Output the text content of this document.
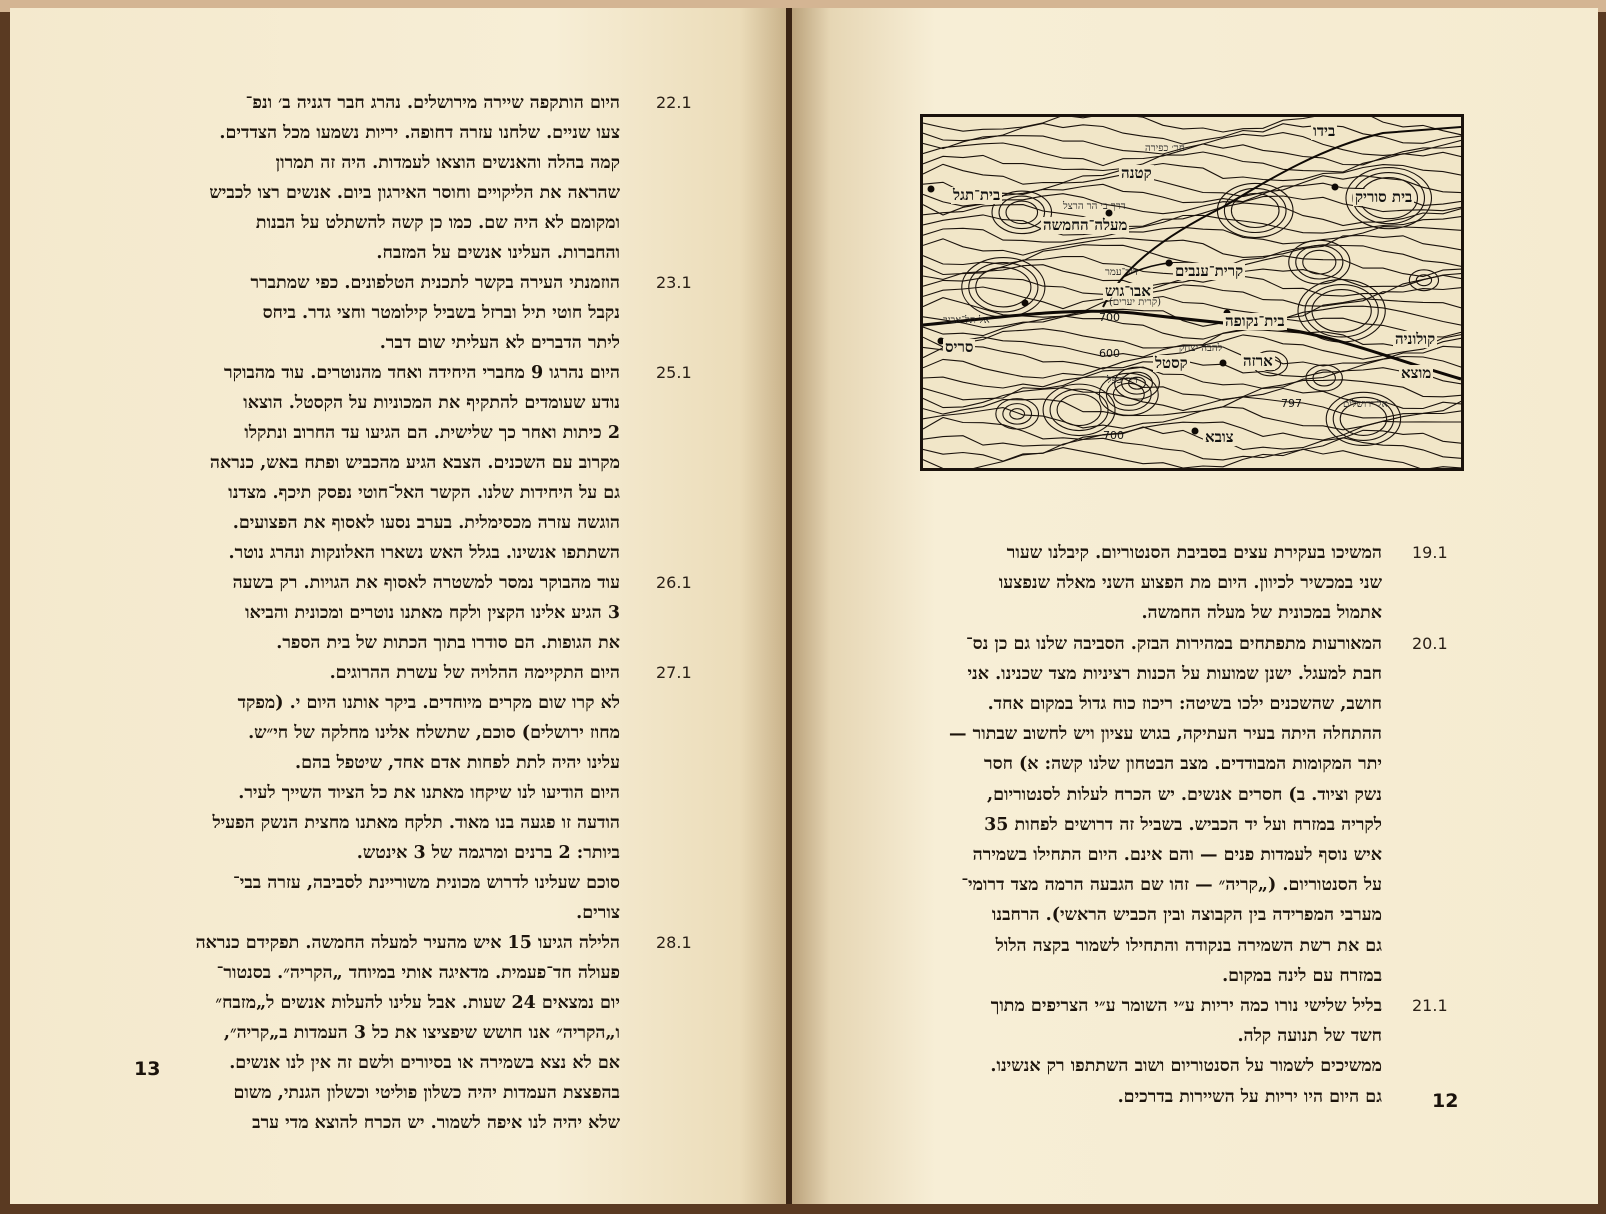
22.1
היום הותקפה שיירה מירושלים. נהרג חבר דגניה ב׳ ונפ־
צעו שניים. שלחנו עזרה דחופה. יריות נשמעו מכל הצדדים.
קמה בהלה והאנשים הוצאו לעמדות. היה זה תמרון
שהראה את הליקויים וחוסר האירגון ביום. אנשים רצו לכביש
ומקומם לא היה שם. כמו כן קשה להשתלט על הבנות
והחברות. העלינו אנשים על המזבח.
23.1
הוזמנתי העירה בקשר לתכנית הטלפונים. כפי שמתברר
נקבל חוטי תיל וברזל בשביל קילומטר וחצי גדר. ביחס
ליתר הדברים לא העליתי שום דבר.
25.1
היום נהרגו 9 מחברי היחידה ואחד מהנוטרים. עוד מהבוקר
נודע שעומדים להתקיף את המכוניות על הקסטל. הוצאו
2 כיתות ואחר כך שלישית. הם הגיעו עד החרוב ונתקלו
מקרוב עם השכנים. הצבא הגיע מהכביש ופתח באש, כנראה
גם על היחידות שלנו. הקשר האל־חוטי נפסק תיכף. מצדנו
הוגשה עזרה מכסימלית. בערב נסעו לאסוף את הפצועים.
השתתפו אנשינו. בגלל האש נשארו האלונקות ונהרג נוטר.
26.1
עוד מהבוקר נמסר למשטרה לאסוף את הגויות. רק בשעה
3 הגיע אלינו הקצין ולקח מאתנו נוטרים ומכונית והביאו
את הגופות. הם סודרו בתוך הכתות של בית הספר.
27.1
היום התקיימה ההלויה של עשרת ההרוגים.
לא קרו שום מקרים מיוחדים. ביקר אותנו היום י. (מפקד
מחוז ירושלים) סוכם, שתשלח אלינו מחלקה של חי״ש.
עלינו יהיה לתת לפחות אדם אחד, שיטפל בהם.
היום הודיעו לנו שיקחו מאתנו את כל הציוד השייך לעיר.
הודעה זו פגעה בנו מאוד. תלקח מאתנו מחצית הנשק הפעיל
ביותר: 2 ברנים ומרגמה של 3 אינטש.
סוכם שעלינו לדרוש מכונית משוריינת לסביבה, עזרה בבי־
צורים.
28.1
הלילה הגיעו 15 איש מהעיר למעלה החמשה. תפקידם כנראה
פעולה חד־פעמית. מדאיגה אותי במיוחד „הקריה״. בסנטור־
יום נמצאים 24 שעות. אבל עלינו להעלות אנשים ל„מזבח״
ו„הקריה״ אנו חושש שיפציצו את כל 3 העמדות ב„קריה״,
אם לא נצא בשמירה או בסיורים ולשם זה אין לנו אנשים.
בהפצצת העמדות יהיה כשלון פוליטי וכשלון הגנתי, משום
שלא יהיה לנו איפה לשמור. יש הכרח להוצא מדי ערב
13
בידו
קטנה
בית סוריק
בית־תגל
מעלה־החמשה
קרית־ענבים
אבו־גוש
בית־נקופה
קולוניה
מוצא
סריס
ארזה
קסטל
צובא
חר׳ כפירה
דרך ב׳ הר הרצל
דיר־עמר
אל תל־אביב
אל ירושלים
(קרית יערים)
דיר־כפל
להבה יצחק
700
600
797
700
19.1
המשיכו בעקירת עצים בסביבת הסנטוריום. קיבלנו שעור
שני במכשיר לכיוון. היום מת הפצוע השני מאלה שנפצעו
אתמול במכונית של מעלה החמשה.
20.1
המאורעות מתפתחים במהירות הבזק. הסביבה שלנו גם כן נס־
חבת למעגל. ישנן שמועות על הכנות רציניות מצד שכנינו. אני
חושב, שהשכנים ילכו בשיטה: ריכוז כוח גדול במקום אחד.
ההתחלה היתה בעיר העתיקה, בגוש עציון ויש לחשוב שבתור —
יתר המקומות המבודדים. מצב הבטחון שלנו קשה: א) חסר
נשק וציוד. ב) חסרים אנשים. יש הכרח לעלות לסנטוריום,
לקריה במזרח ועל יד הכביש. בשביל זה דרושים לפחות 35
איש נוסף לעמדות פנים — והם אינם. היום התחילו בשמירה
על הסנטוריום. („קריה״ — זהו שם הגבעה הרמה מצד דרומי־
מערבי המפרידה בין הקבוצה ובין הכביש הראשי). הרחבנו
גם את רשת השמירה בנקודה והתחילו לשמור בקצה הלול
במזרח עם לינה במקום.
21.1
בליל שלישי נורו כמה יריות ע״י השומר ע״י הצריפים מתוך
חשד של תנועה קלה.
ממשיכים לשמור על הסנטוריום ושוב השתתפו רק אנשינו.
גם היום היו יריות על השיירות בדרכים.	12
